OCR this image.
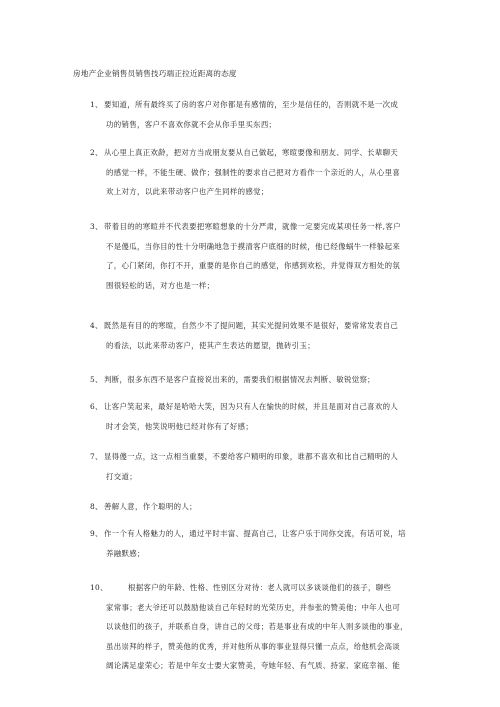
房地产企业销售员销售技巧端正拉近距离的态度
1、要知道，所有最终买了房的客户对你都是有感情的，至少是信任的，否则就不是一次成
功的销售，客户不喜欢你就不会从你手里买东西；
2、从心里上真正欢龄，把对方当成朋友要从自己做起，寒暄要像和朋友、同学、长辈聊天
的感觉一样，不能生硬、做作；强制性的要求自己把对方看作一个亲近的人，从心里喜
欢上对方，以此来带动客户也产生同样的感觉；
3、带着目的的寒暄并不代表要把寒暄想象的十分严肃，就像一定要完成某项任务一样,客户
不是傻瓜，当你目的性十分明确地急于摸清客户底细的时候，他已经像蜗牛一样躲起来
了，心门紧闭，你打不开，重要的是你自己的感觉，你感到欢松，并觉得双方相处的氛
围很轻松的话，对方也是一样；
4、既然是有目的的寒暄，自然少不了提问题，其实光提问效果不是很好，要常常发表自己
的看法，以此来带动客户，使其产生表达的愿望，抛砖引玉；
5、判断，很多东西不是客户直接说出来的，需要我们根据情况去判断、敏锐觉察；
6、让客户笑起来，最好是哈哈大笑，因为只有人在愉快的时候，并且是面对自己喜欢的人
时才会笑，他笑说明他已经对你有了好感；
7、显得傻一点，这一点相当重要，不要给客户精明的印象，谁都不喜欢和比自己精明的人
打交道；
8、善解人意，作个聪明的人；
9、作一个有人格魅力的人，通过平时丰富、提高自己，让客户乐于同你交流，有话可说，培
养融默感；
10、	根据客户的年龄、性格、性别区分对待：老人就可以多谈谈他们的孩子，聊些
家常事；老大爷还可以鼓励他谈自己年轻时的光荣历史，并参张的赞美他；中年人也可
以谈他们的孩子，并联系自身，讲自己的父母；若是事业有成的中年人则多谈他的事业，
虽出崇拜的样子，赞美他的优秀，并对他所从事的事业显得只懂一点点，给他机会高谈
阔论满足虚荣心；若是中年女士要大家赞美，夸她年轻、有气质、持家、家庭幸福、能
